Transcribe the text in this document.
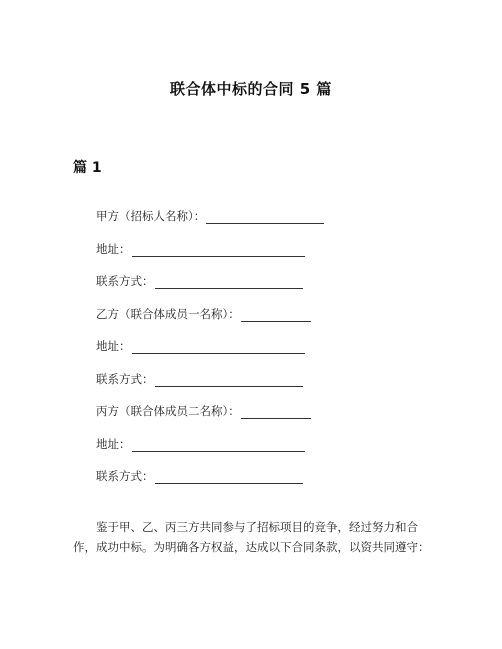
联合体中标的合同 5 篇
篇 1
甲方（招标人名称）：
地址：
联系方式：
乙方（联合体成员一名称）：
地址：
联系方式：
丙方（联合体成员二名称）：
地址：
联系方式：
鉴于甲、乙、丙三方共同参与了招标项目的竞争，经过努力和合作，成功中标。为明确各方权益，达成以下合同条款，以资共同遵守：
